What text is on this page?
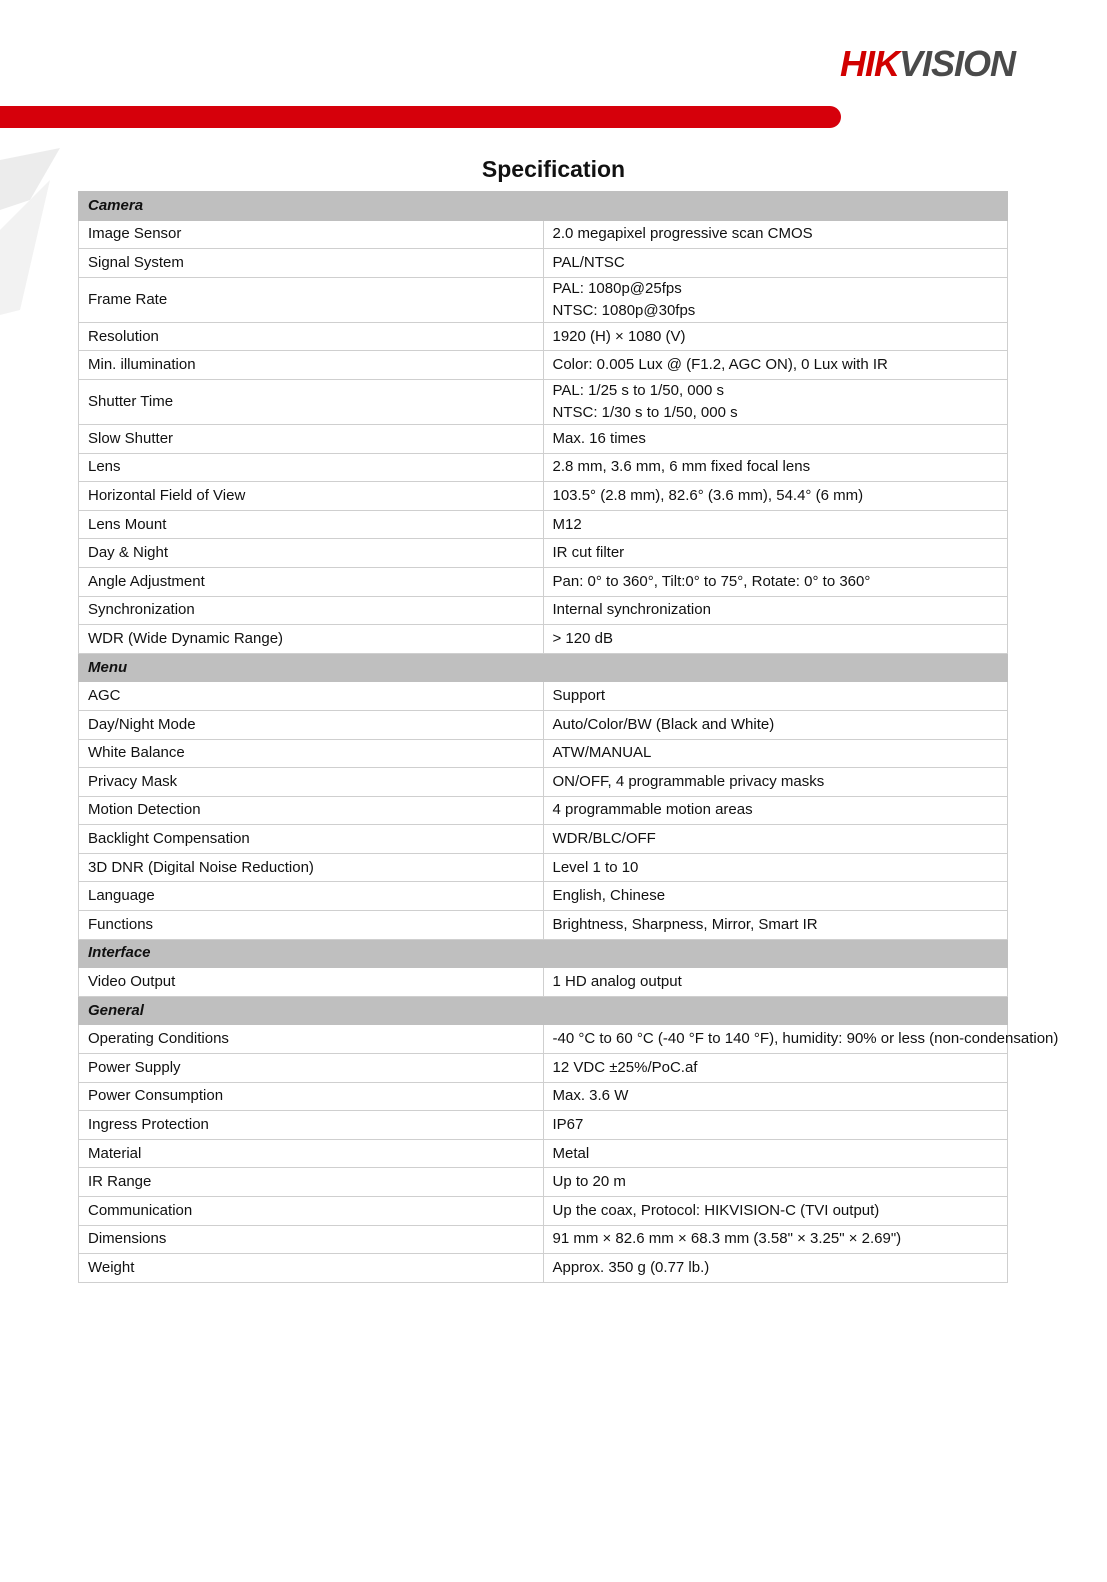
HIKVISION
Specification
Camera	
Image Sensor	2.0 megapixel progressive scan CMOS

Signal System	PAL/NTSC

Frame Rate	PAL: 1080p@25fps
NTSC: 1080p@30fps

Resolution	1920 (H) × 1080 (V)

Min. illumination	Color: 0.005 Lux @ (F1.2, AGC ON), 0 Lux with IR

Shutter Time	PAL: 1/25 s to 1/50, 000 s
NTSC: 1/30 s to 1/50, 000 s

Slow Shutter	Max. 16 times

Lens	2.8 mm, 3.6 mm, 6 mm fixed focal lens

Horizontal Field of View	103.5° (2.8 mm), 82.6° (3.6 mm), 54.4° (6 mm)

Lens Mount	M12

Day & Night	IR cut filter

Angle Adjustment	Pan: 0° to 360°, Tilt:0° to 75°, Rotate: 0° to 360°

Synchronization	Internal synchronization

WDR (Wide Dynamic Range)	> 120 dB

Menu	
AGC	Support

Day/Night Mode	Auto/Color/BW (Black and White)

White Balance	ATW/MANUAL

Privacy Mask	ON/OFF, 4 programmable privacy masks

Motion Detection	4 programmable motion areas

Backlight Compensation	WDR/BLC/OFF

3D DNR (Digital Noise Reduction)	Level 1 to 10

Language	English, Chinese

Functions	Brightness, Sharpness, Mirror, Smart IR

Interface	
Video Output	1 HD analog output

General	
Operating Conditions	-40 °C to 60 °C (-40 °F to 140 °F), humidity: 90% or less (non-condensation)

Power Supply	12 VDC ±25%/PoC.af

Power Consumption	Max. 3.6 W

Ingress Protection	IP67

Material	Metal

IR Range	Up to 20 m

Communication	Up the coax, Protocol: HIKVISION-C (TVI output)

Dimensions	91 mm × 82.6 mm × 68.3 mm (3.58" × 3.25" × 2.69")

Weight	Approx. 350 g (0.77 lb.)
